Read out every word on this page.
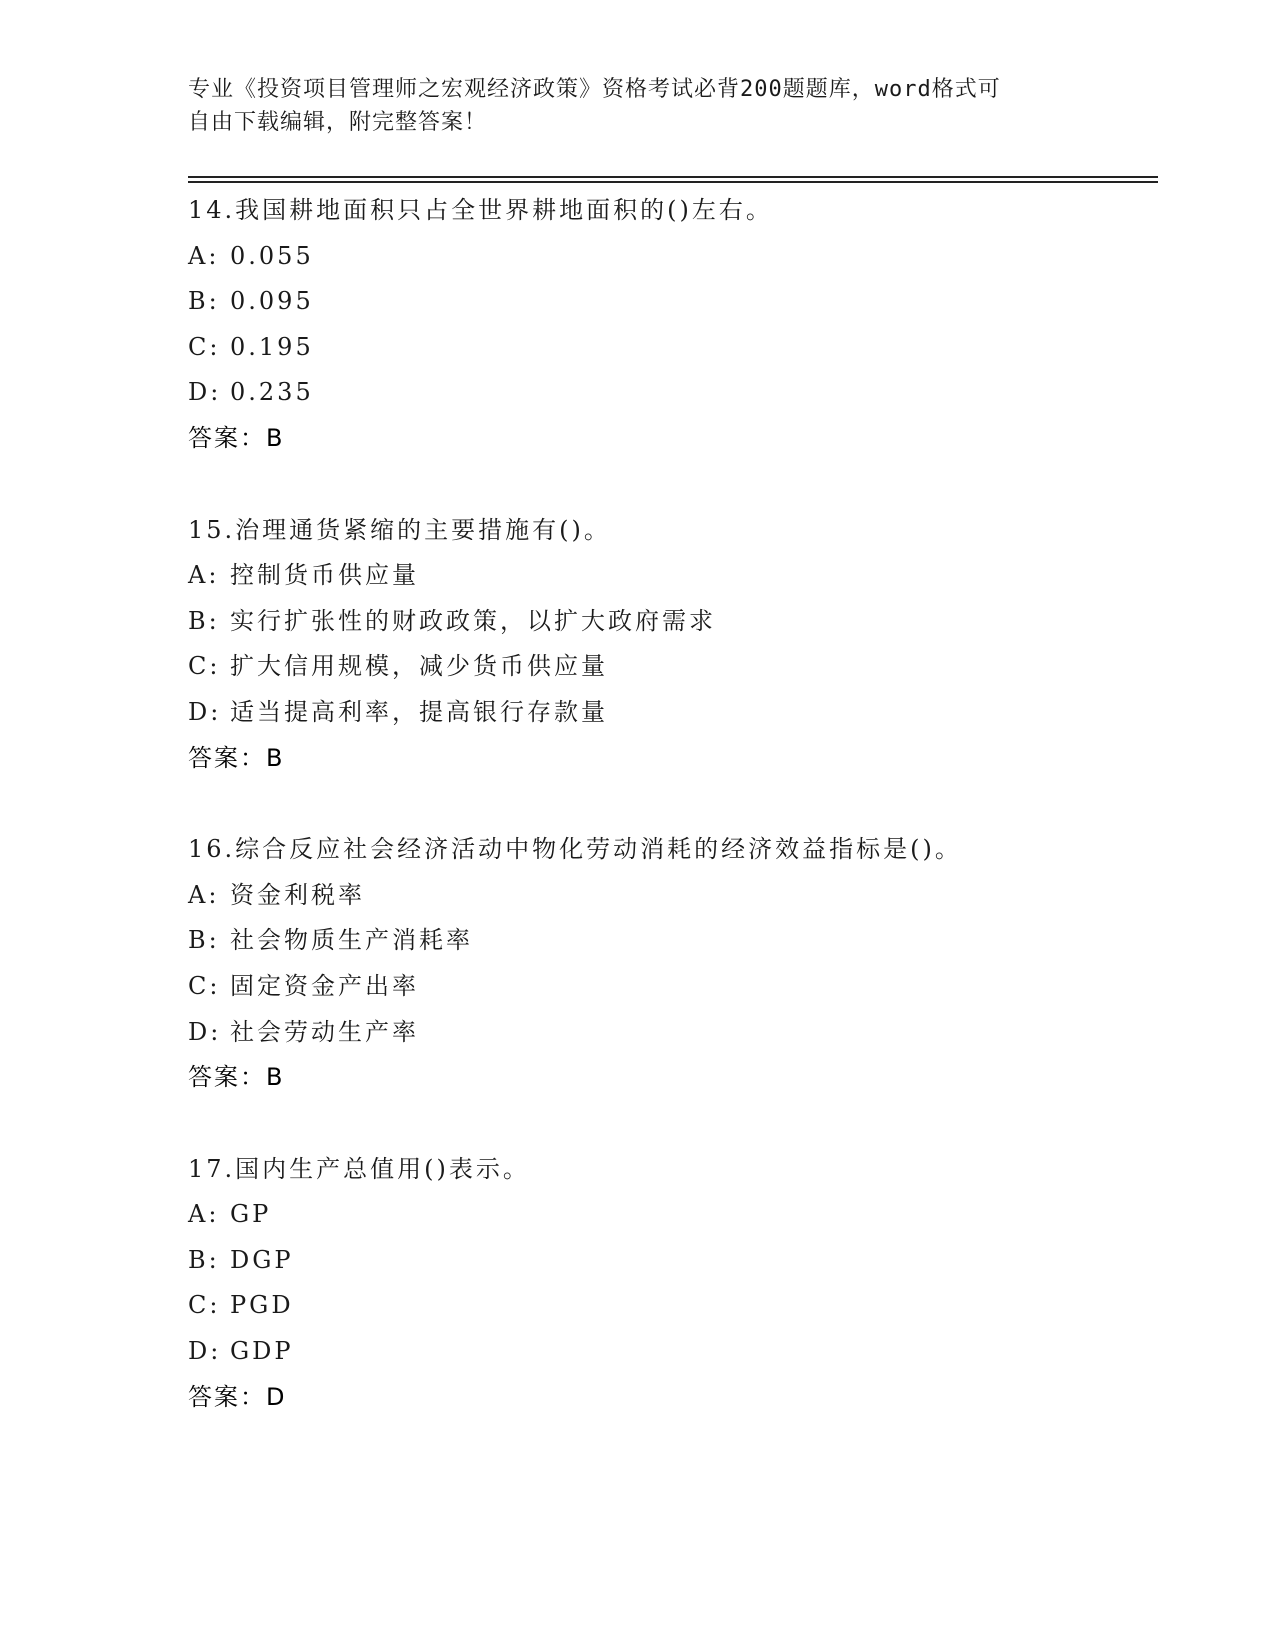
专业《投资项目管理师之宏观经济政策》资格考试必背200题题库，word格式可
自由下载编辑，附完整答案！
14.我国耕地面积只占全世界耕地面积的()左右。
A: 0.055
B: 0.095
C: 0.195
D: 0.235
答案：B
15.治理通货紧缩的主要措施有()。
A: 控制货币供应量
B: 实行扩张性的财政政策，以扩大政府需求
C: 扩大信用规模，减少货币供应量
D: 适当提高利率，提高银行存款量
答案：B
16.综合反应社会经济活动中物化劳动消耗的经济效益指标是()。
A: 资金利税率
B: 社会物质生产消耗率
C: 固定资金产出率
D: 社会劳动生产率
答案：B
17.国内生产总值用()表示。
A: GP
B: DGP
C: PGD
D: GDP
答案：D
